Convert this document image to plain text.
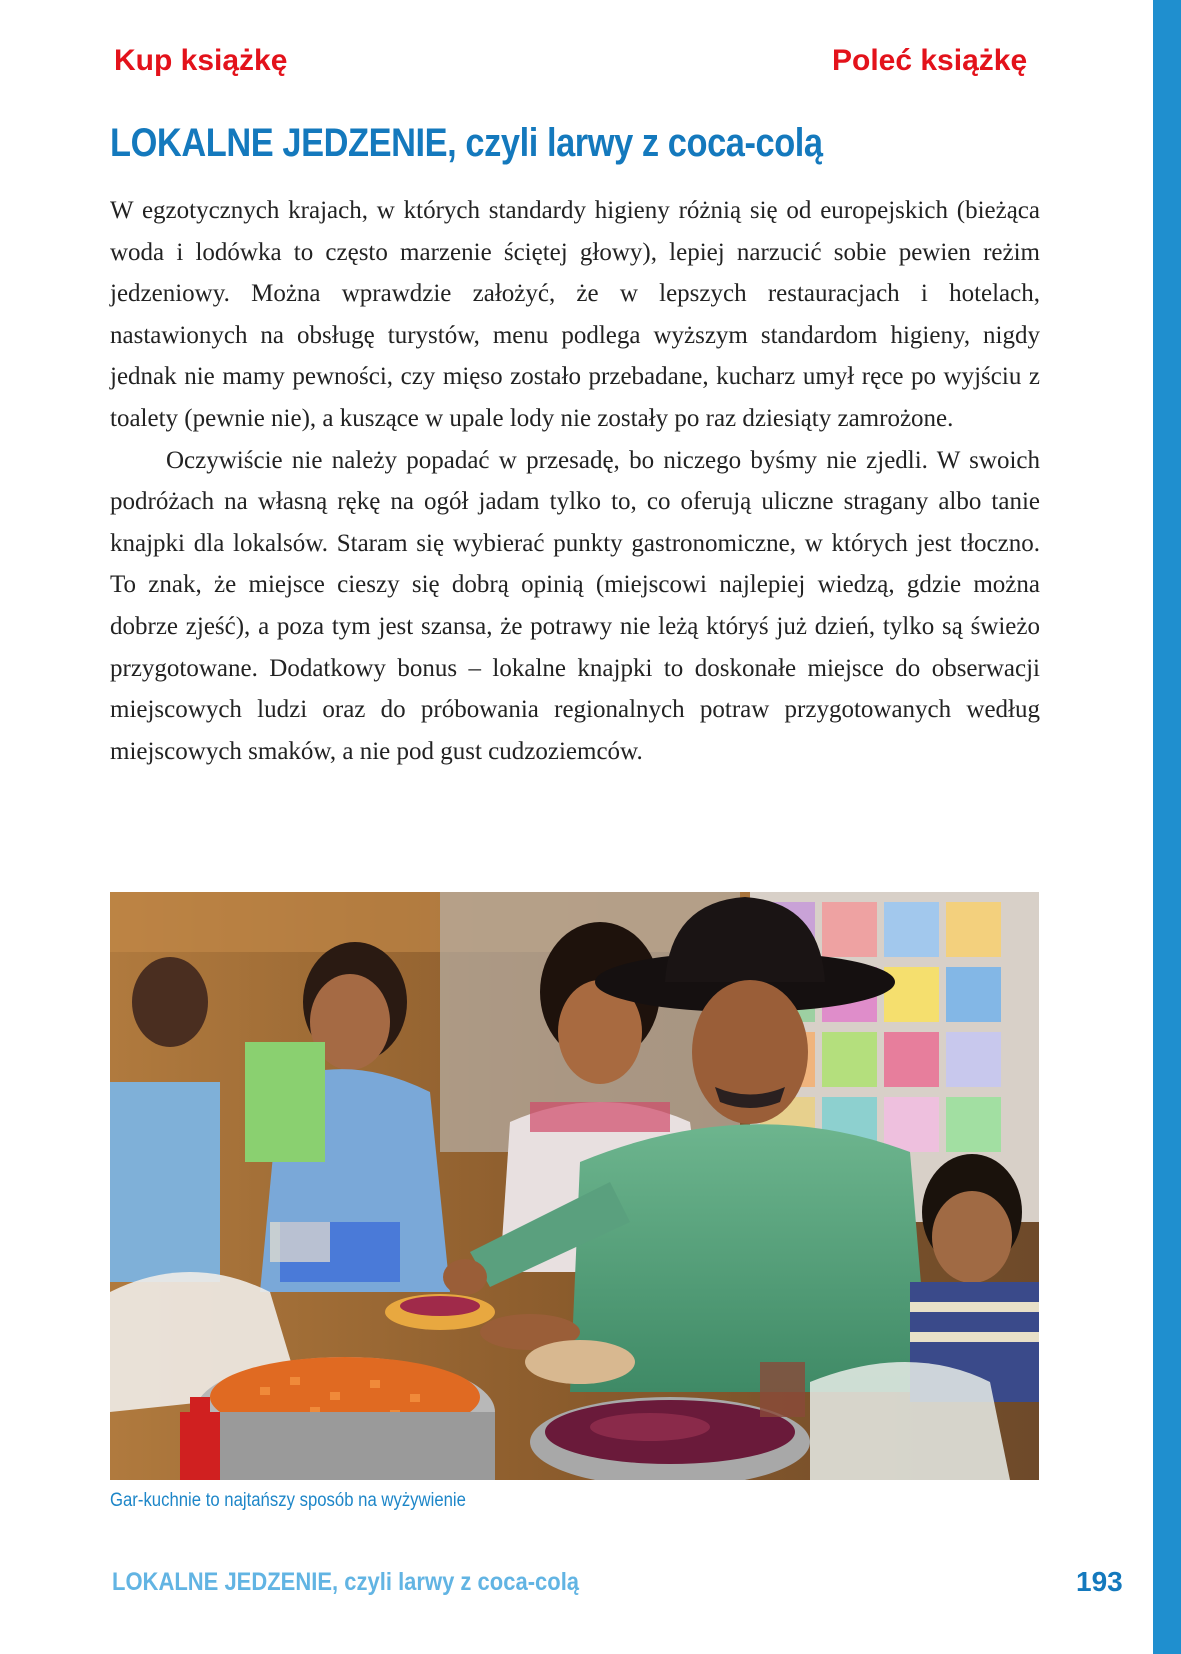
Kup książkę	Poleć książkę
LOKALNE JEDZENIE, czyli larwy z coca-colą

W egzotycznych krajach, w których standardy higieny różnią się od europejskich (bieżąca woda i lodówka to często marzenie ściętej głowy), lepiej narzucić sobie pewien reżim jedzeniowy. Można wprawdzie założyć, że w lepszych restauracjach i hotelach, nastawionych na obsługę turystów, menu podlega wyższym standardom higieny, nigdy jednak nie mamy pewności, czy mięso zostało przebadane, kucharz umył ręce po wyjściu z toalety (pewnie nie), a kuszące w upale lody nie zostały po raz dziesiąty zamrożone.

Oczywiście nie należy popadać w przesadę, bo niczego byśmy nie zjedli. W swoich podróżach na własną rękę na ogół jadam tylko to, co oferują uliczne stragany albo tanie knajpki dla lokalsów. Staram się wybierać punkty gastronomiczne, w których jest tłoczno. To znak, że miejsce cieszy się dobrą opinią (miejscowi najlepiej wiedzą, gdzie można dobrze zjeść), a poza tym jest szansa, że potrawy nie leżą któryś już dzień, tylko są świeżo przygotowane. Dodatkowy bonus – lokalne knajpki to doskonałe miejsce do obserwacji miejscowych ludzi oraz do próbowania regionalnych potraw przygotowanych według miejscowych smaków, a nie pod gust cudzoziemców.

Gar-kuchnie to najtańszy sposób na wyżywienie
LOKALNE JEDZENIE, czyli larwy z coca-colą	193
